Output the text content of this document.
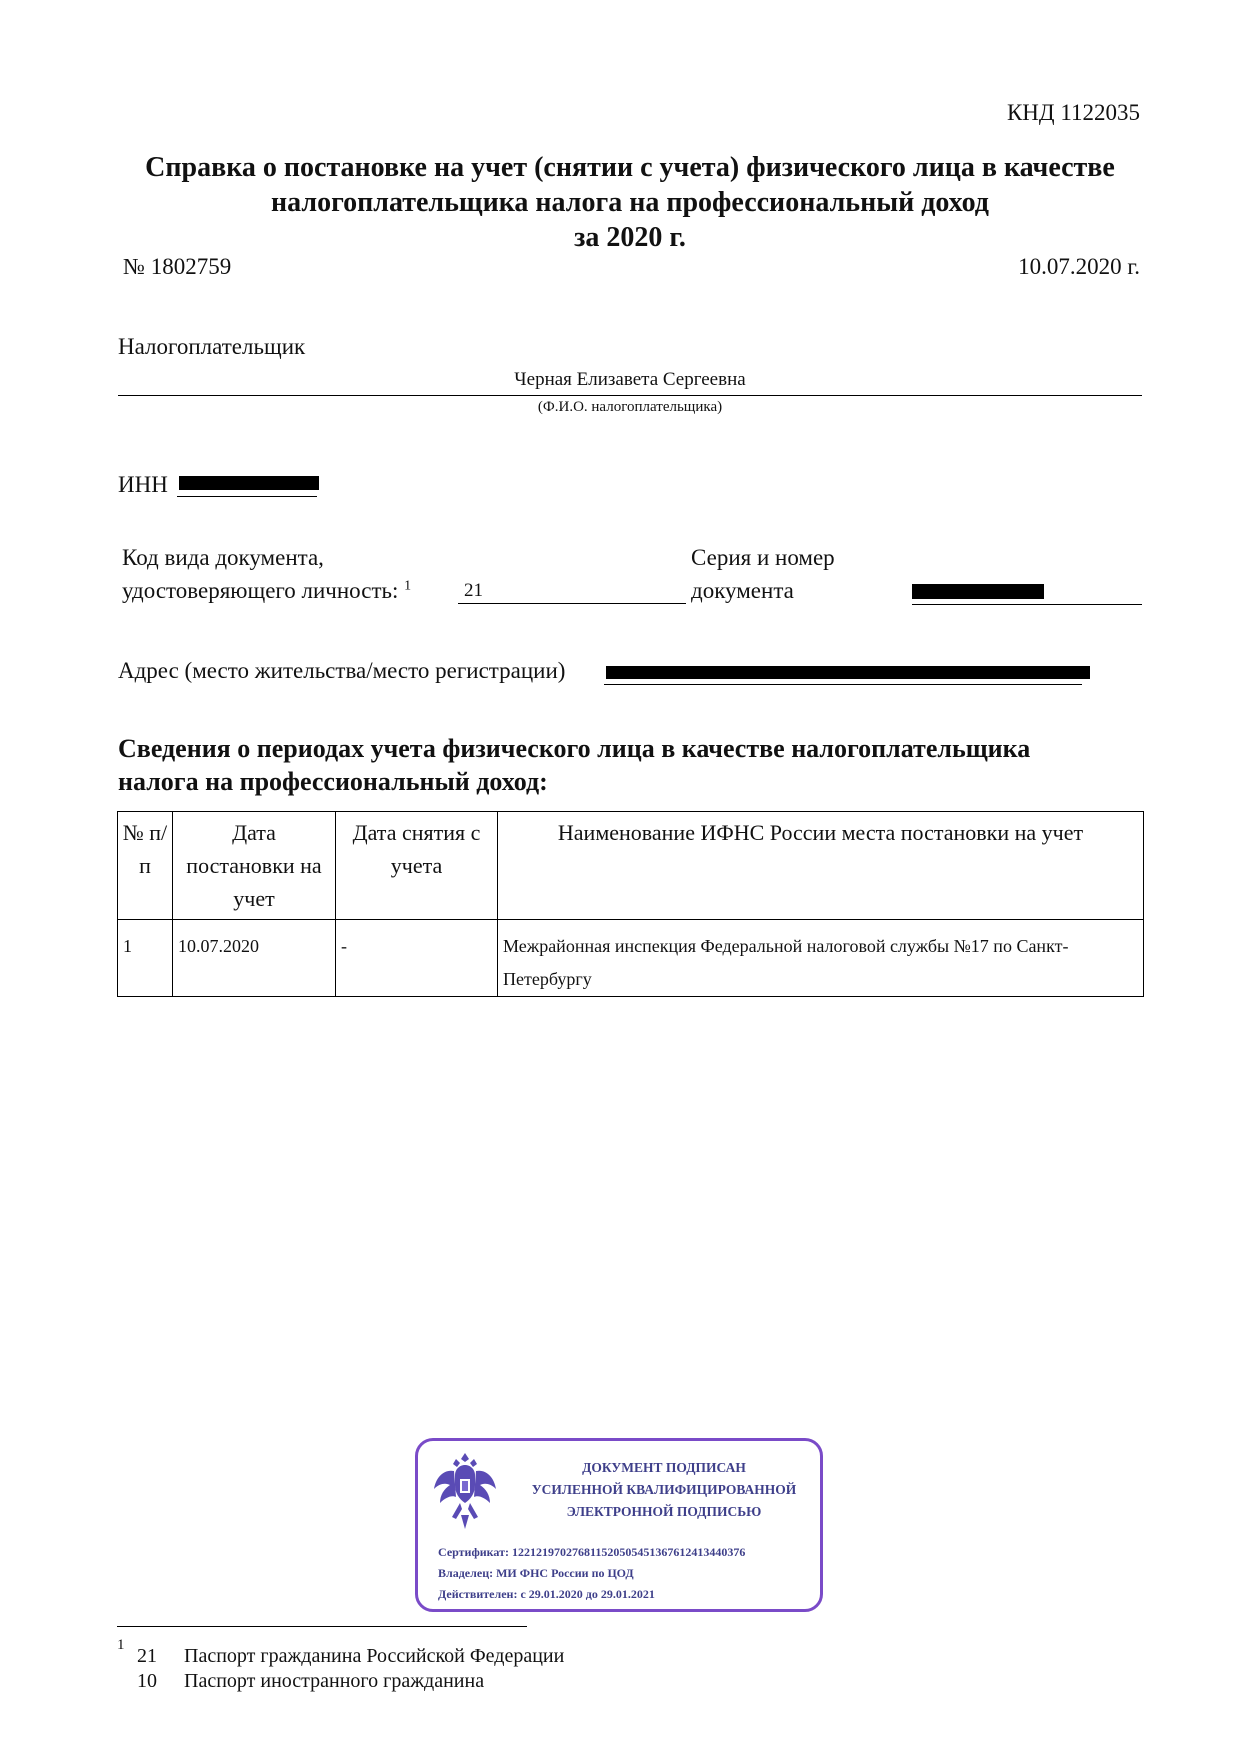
КНД 1122035
Справка о постановке на учет (снятии с учета) физического лица в качестве
налогоплательщика налога на профессиональный доход
за 2020 г.
№ 1802759	10.07.2020 г.
Налогоплательщик
Черная Елизавета Сергеевна
(Ф.И.О. налогоплательщика)
ИНН
Код вида документа,
удостоверяющего личность: $^1$	21
Серия и номер
документа
Адрес (место жительства/место регистрации)
Сведения о периодах учета физического лица в качестве налогоплательщика
налога на профессиональный доход:
№ п/п	Дата постановки на учет	Дата снятия с учета	Наименование ИФНС России места постановки на учет
1	10.07.2020	-	Межрайонная инспекция Федеральной налоговой службы №17 по Санкт-Петербургу
ДОКУМЕНТ ПОДПИСАН
УСИЛЕННОЙ КВАЛИФИЦИРОВАННОЙ
ЭЛЕКТРОННОЙ ПОДПИСЬЮ
Сертификат: 122121970276811520505451367612413440376
Владелец: МИ ФНС России по ЦОД
Действителен: с 29.01.2020 до 29.01.2021
1 21 Паспорт гражданина Российской Федерации
10 Паспорт иностранного гражданина
